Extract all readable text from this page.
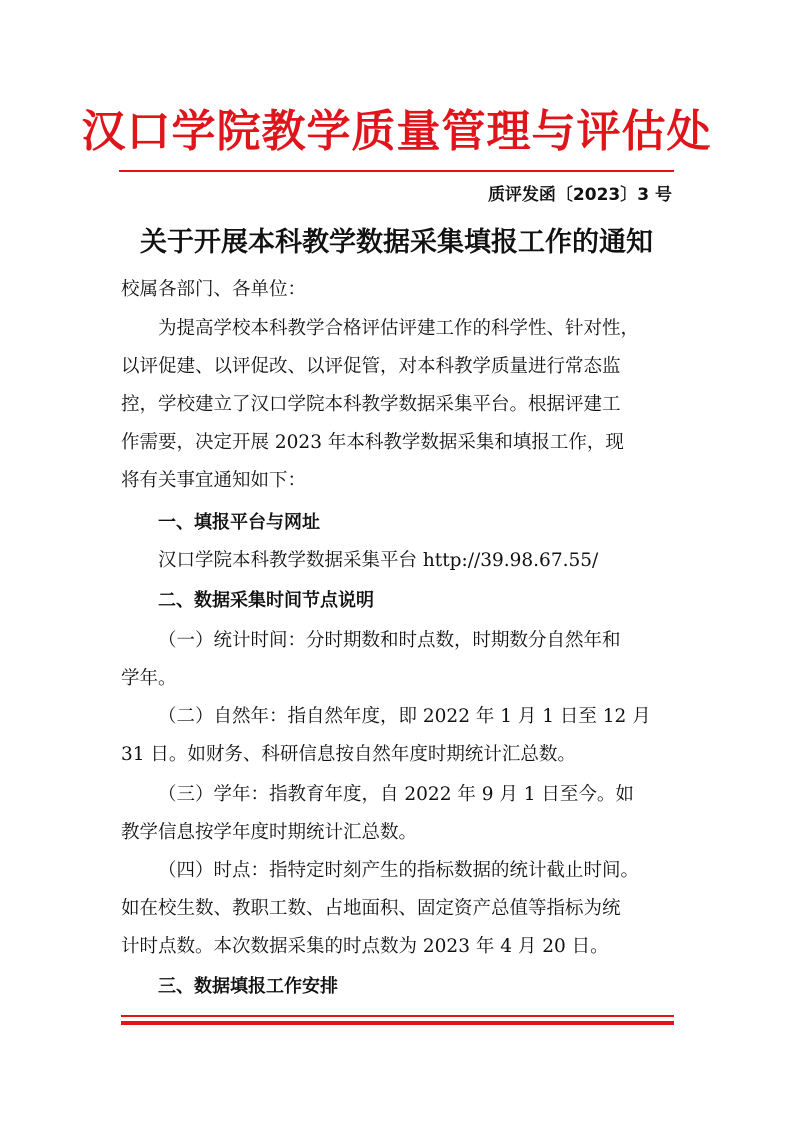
汉口学院教学质量管理与评估处
质评发函〔2023〕3 号
关于开展本科教学数据采集填报工作的通知
校属各部门、各单位：
为提高学校本科教学合格评估评建工作的科学性、针对性，
以评促建、以评促改、以评促管，对本科教学质量进行常态监
控，学校建立了汉口学院本科教学数据采集平台。根据评建工
作需要，决定开展 2023 年本科教学数据采集和填报工作，现
将有关事宜通知如下：
一、填报平台与网址
汉口学院本科教学数据采集平台 http://39.98.67.55/
二、数据采集时间节点说明
（一）统计时间：分时期数和时点数，时期数分自然年和
学年。
（二）自然年：指自然年度，即 2022 年 1 月 1 日至 12 月
31 日。如财务、科研信息按自然年度时期统计汇总数。
（三）学年：指教育年度，自 2022 年 9 月 1 日至今。如
教学信息按学年度时期统计汇总数。
（四）时点：指特定时刻产生的指标数据的统计截止时间。
如在校生数、教职工数、占地面积、固定资产总值等指标为统
计时点数。本次数据采集的时点数为 2023 年 4 月 20 日。
三、数据填报工作安排
